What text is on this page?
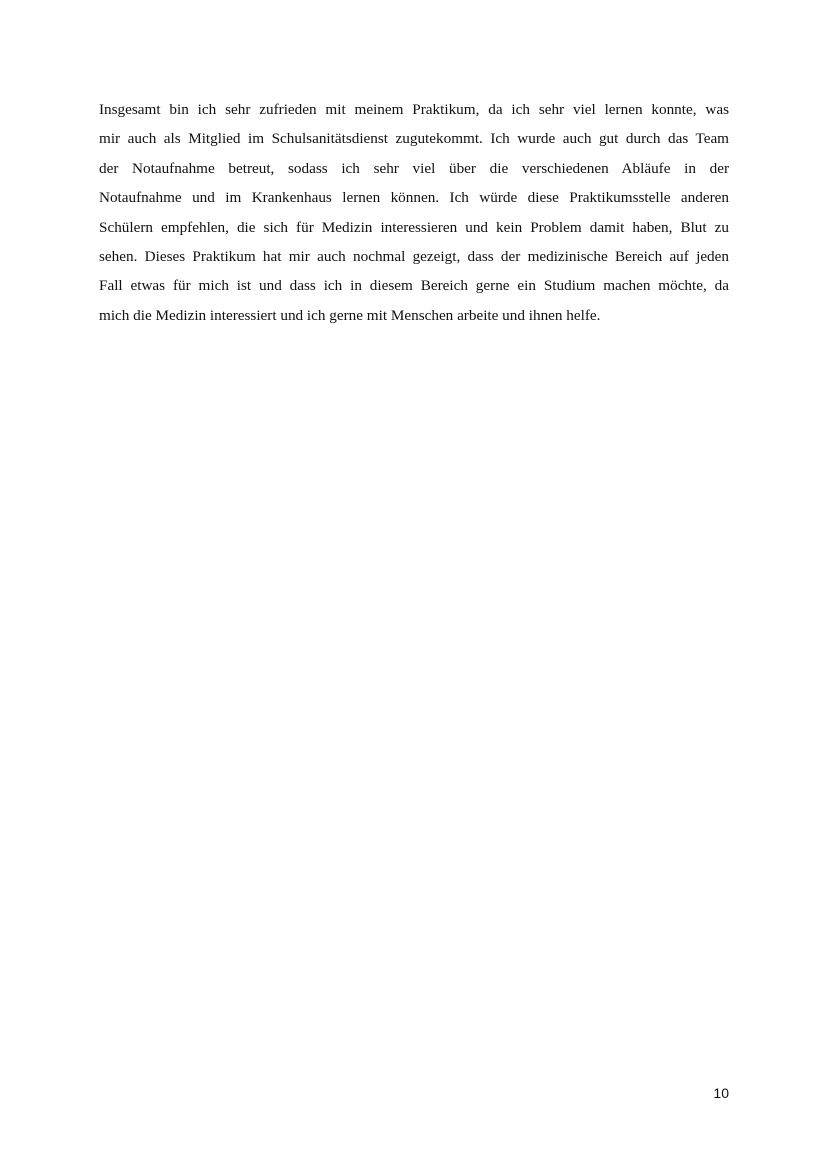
Insgesamt bin ich sehr zufrieden mit meinem Praktikum, da ich sehr viel lernen konnte, was
mir auch als Mitglied im Schulsanitätsdienst zugutekommt. Ich wurde auch gut durch das Team
der Notaufnahme betreut, sodass ich sehr viel über die verschiedenen Abläufe in der
Notaufnahme und im Krankenhaus lernen können. Ich würde diese Praktikumsstelle anderen
Schülern empfehlen, die sich für Medizin interessieren und kein Problem damit haben, Blut zu
sehen. Dieses Praktikum hat mir auch nochmal gezeigt, dass der medizinische Bereich auf jeden
Fall etwas für mich ist und dass ich in diesem Bereich gerne ein Studium machen möchte, da
mich die Medizin interessiert und ich gerne mit Menschen arbeite und ihnen helfe.

10
